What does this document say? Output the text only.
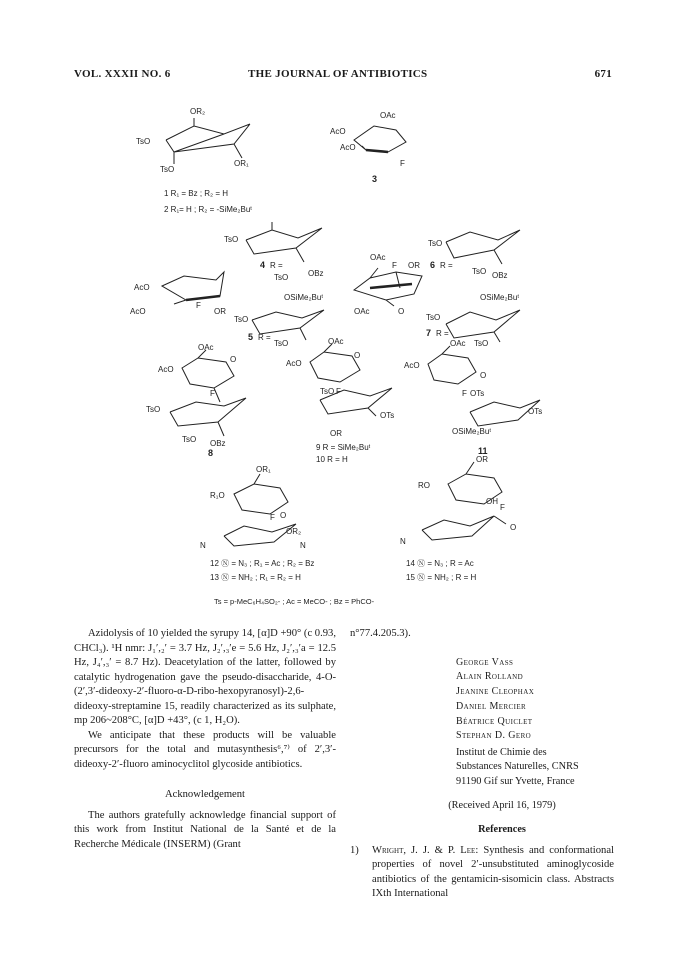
VOL. XXXII NO. 6	THE JOURNAL OF ANTIBIOTICS	671
OR₂
TsO
TsO
OR₁
1 R₁ = Bz ; R₂ = H
2 R₁= H ; R₂ = -SiMe₂Buᵗ
OAc
AcO
AcO
F
3
TsO
4 R =
TsO OBz
AcO
AcO
F
OR
TsO
OSiMe₂Buᵗ
5 R =
TsO
OAc
F OR
OAc	O
TsO
6 R =
TsO OBz
OSiMe₂Buᵗ
TsO
7 R =
TsO
OAc
AcO
O
F
TsO
TsO OBz
8
OAc
AcO
O
TsO F
OTs
OR
9 R = SiMe₂Buᵗ
10 R = H
OAc
AcO
F OTs
O
OTs
OSiMe₂Buᵗ
11
OR₁
R₁O
F O
OR₂
N	N
12 Ⓝ = N₃ ; R₁ = Ac ; R₂ = Bz
13 Ⓝ = NH₂ ; R₁ = R₂ = H
OR
RO
OH
F
O
N
14 Ⓝ = N₃ ; R = Ac
15 Ⓝ = NH₂ ; R = H
Ts = p-MeC₆H₄SO₂- ; Ac = MeCO- ; Bz = PhCO-

Azidolysis of 10 yielded the syrupy 14, [α]D +90° (c 0.93, CHCl₃). ¹H nmr: J₁′,₂′ = 3.7 Hz, J₂′,₃′e = 5.6 Hz, J₂′,₃′a = 12.5 Hz, J₄′,₃′ = 8.7 Hz). Deacetylation of the latter, followed by catalytic hydrogenation gave the pseudo-disaccharide, 4-O-(2′,3′-dideoxy-2′-fluoro-α-D-ribo-hexopyranosyl)-2,6-dideoxy-streptamine 15, readily characterized as its sulphate, mp 206~208°C, [α]D +43°, (c 1, H₂O).

We anticipate that these products will be valuable precursors for the total and mutasynthesis⁶,⁷⁾ of 2′,3′-dideoxy-2′-fluoro aminocyclitol glycoside antibiotics.

Acknowledgement

The authors gratefully acknowledge financial support of this work from Institut National de la Santé et de la Recherche Médicale (INSERM) (Grant

n°77.4.205.3).

George Vass
Alain Rolland
Jeanine Cleophax
Daniel Mercier
Béatrice Quiclet
Stephan D. Gero
Institut de Chimie des
Substances Naturelles, CNRS
91190 Gif sur Yvette, France
(Received April 16, 1979)
References
1) Wright, J. J. & P. Lee: Synthesis and conformational properties of novel 2′-unsubstituted aminoglycoside antibiotics of the gentamicin-sisomicin class. Abstracts IXth International
